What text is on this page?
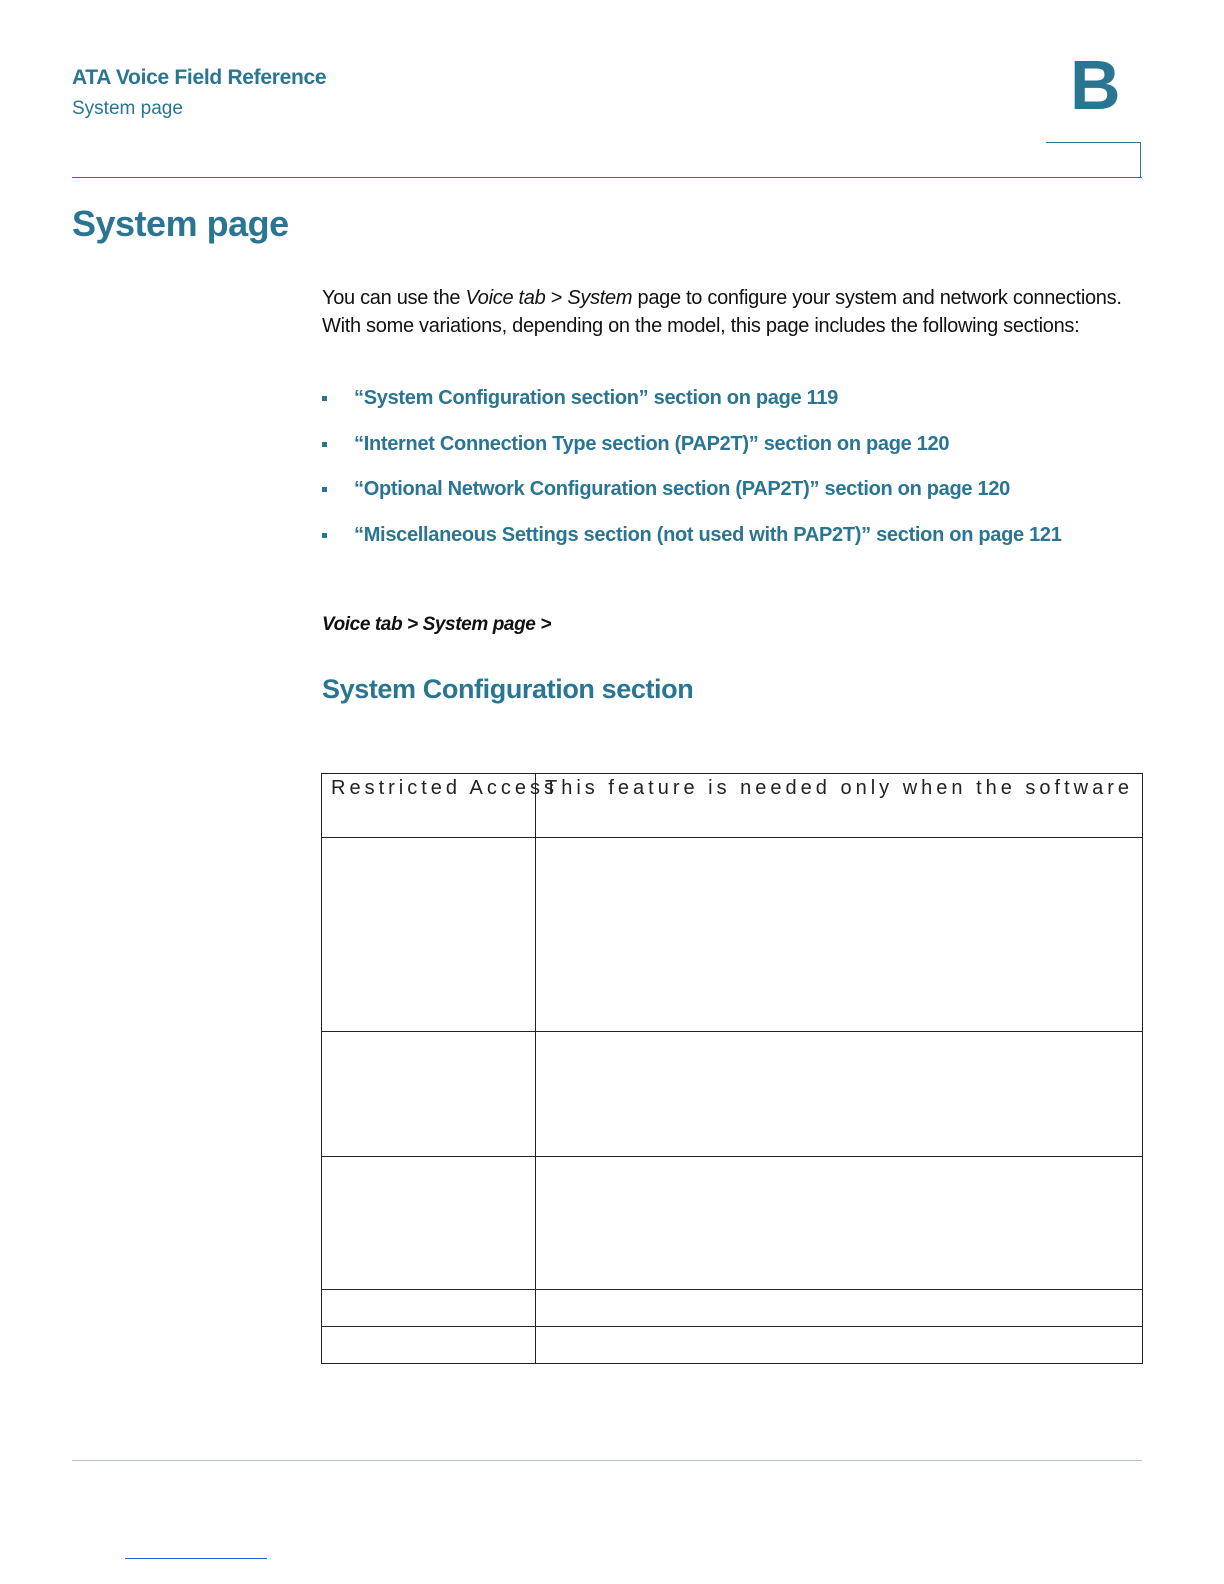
ATA Voice Field Reference
System page	B
System page

You can use the Voice tab > System page to configure your system and network connections. With some variations, depending on the model, this page includes the following sections:

“System Configuration section” section on page 119
“Internet Connection Type section (PAP2T)” section on page 120
“Optional Network Configuration section (PAP2T)” section on page 120
“Miscellaneous Settings section (not used with PAP2T)” section on page 121
Voice tab > System page >
System Configuration section
Restricted Access	This feature is needed only when the software
